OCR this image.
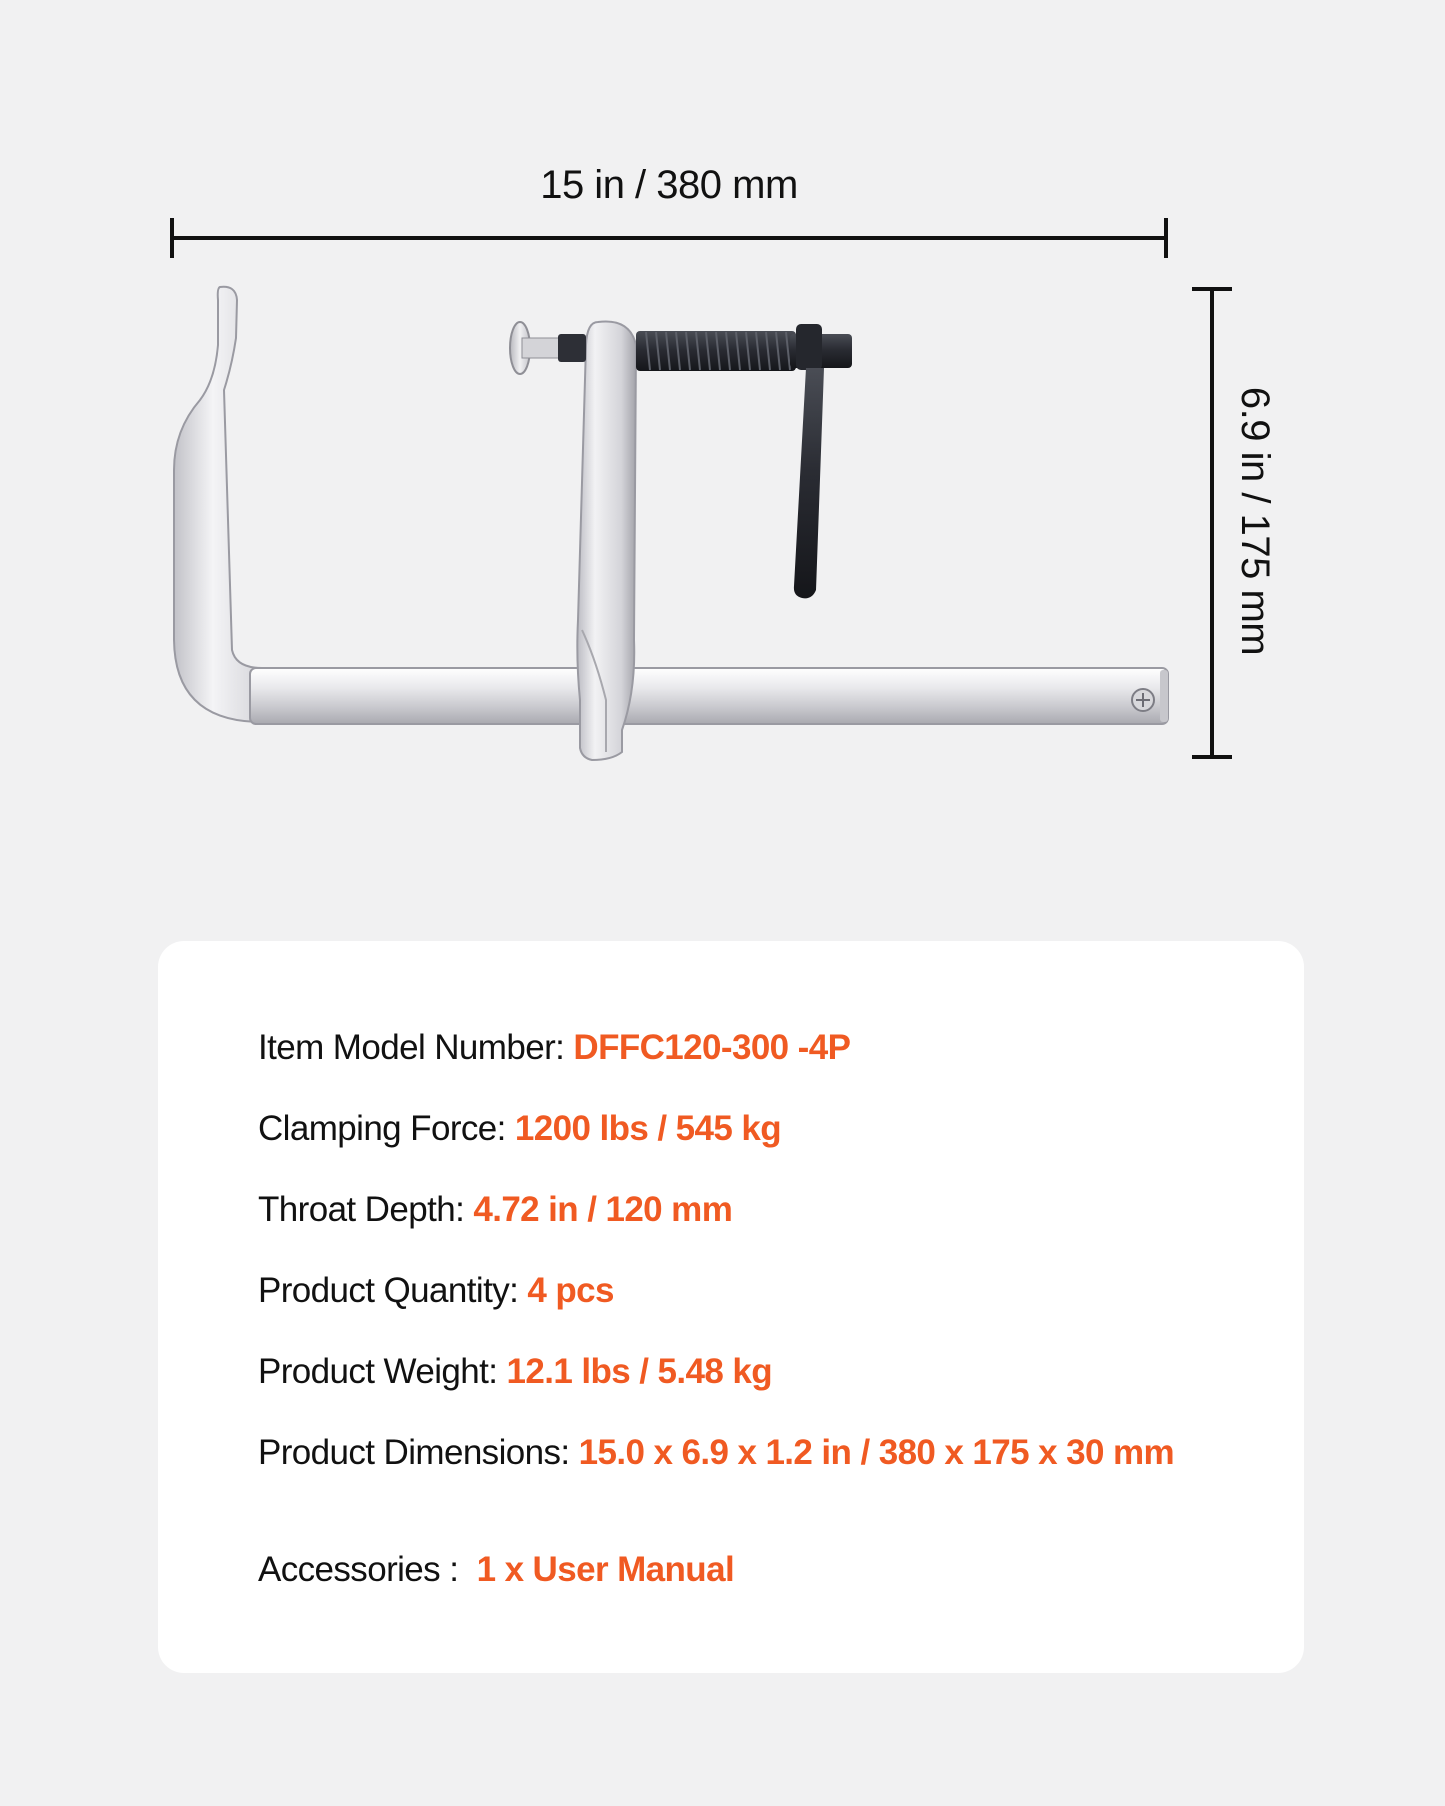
15 in / 380 mm
6.9 in / 175 mm
Item Model Number: DFFC120-300 -4P
Clamping Force: 1200 lbs / 545 kg
Throat Depth: 4.72 in / 120 mm
Product Quantity: 4 pcs
Product Weight: 12.1 lbs / 5.48 kg
Product Dimensions: 15.0 x 6.9 x 1.2 in / 380 x 175 x 30 mm
Accessories :  1 x User Manual
